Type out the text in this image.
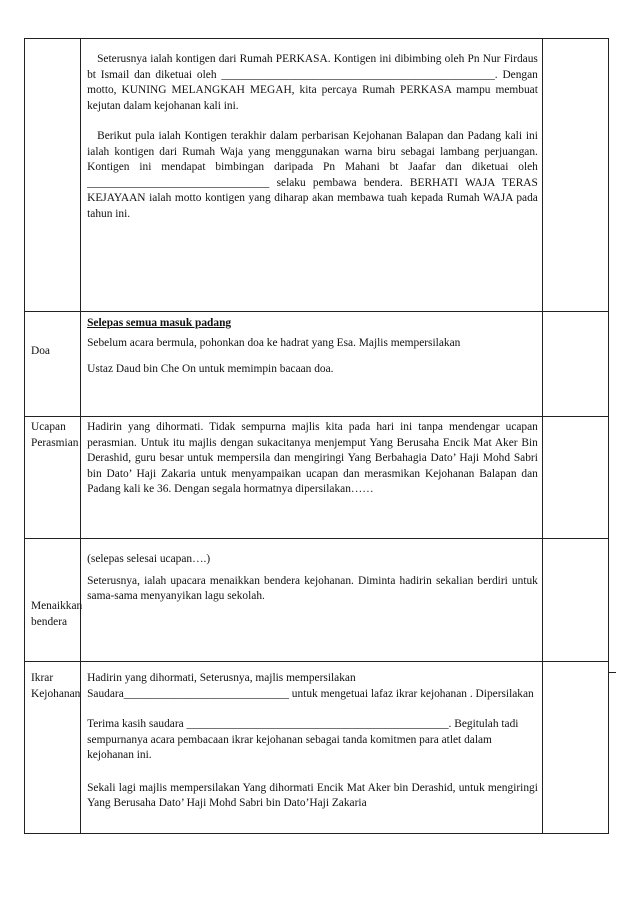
	Seterusnya ialah kontigen dari Rumah PERKASA. Kontigen ini dibimbing oleh Pn Nur Firdaus bt Ismail dan diketuai oleh ________________________________________________. Dengan motto, KUNING MELANGKAH MEGAH, kita percaya Rumah PERKASA mampu membuat kejutan dalam kejohanan kali ini.

Berikut pula ialah Kontigen terakhir dalam perbarisan Kejohanan Balapan dan Padang kali ini ialah kontigen dari Rumah Waja yang menggunakan warna biru sebagai lambang perjuangan. Kontigen ini mendapat bimbingan daripada Pn Mahani bt Jaafar dan diketuai oleh ________________________________ selaku pembawa bendera. BERHATI WAJA TERAS KEJAYAAN ialah motto kontigen yang diharap akan membawa tuah kepada Rumah WAJA pada tahun ini.	

Doa	Selepas semua masuk padang

Sebelum acara bermula, pohonkan doa ke hadrat yang Esa. Majlis mempersilakan

Ustaz Daud bin Che On untuk memimpin bacaan doa.	

Ucapan Perasmian	Hadirin yang dihormati. Tidak sempurna majlis kita pada hari ini tanpa mendengar ucapan perasmian. Untuk itu majlis dengan sukacitanya menjemput Yang Berusaha Encik Mat Aker Bin Derashid, guru besar untuk mempersila dan mengiringi Yang Berbahagia Dato’ Haji Mohd Sabri bin Dato’ Haji Zakaria untuk menyampaikan ucapan dan merasmikan Kejohanan Balapan dan Padang kali ke 36. Dengan segala hormatnya dipersilakan……	

Menaikkan bendera	(selepas selesai ucapan….)

Seterusnya, ialah upacara menaikkan bendera kejohanan. Diminta hadirin sekalian berdiri untuk sama-sama menyanyikan lagu sekolah.	

Ikrar Kejohanan	Hadirin yang dihormati, Seterusnya, majlis mempersilakan Saudara_____________________________ untuk mengetuai lafaz ikrar kejohanan . Dipersilakan

Terima kasih saudara ______________________________________________. Begitulah tadi sempurnanya acara pembacaan ikrar kejohanan sebagai tanda komitmen para atlet dalam kejohanan ini.

Sekali lagi majlis mempersilakan Yang dihormati Encik Mat Aker bin Derashid, untuk mengiringi Yang Berusaha Dato’ Haji Mohd Sabri bin Dato’Haji Zakaria	
